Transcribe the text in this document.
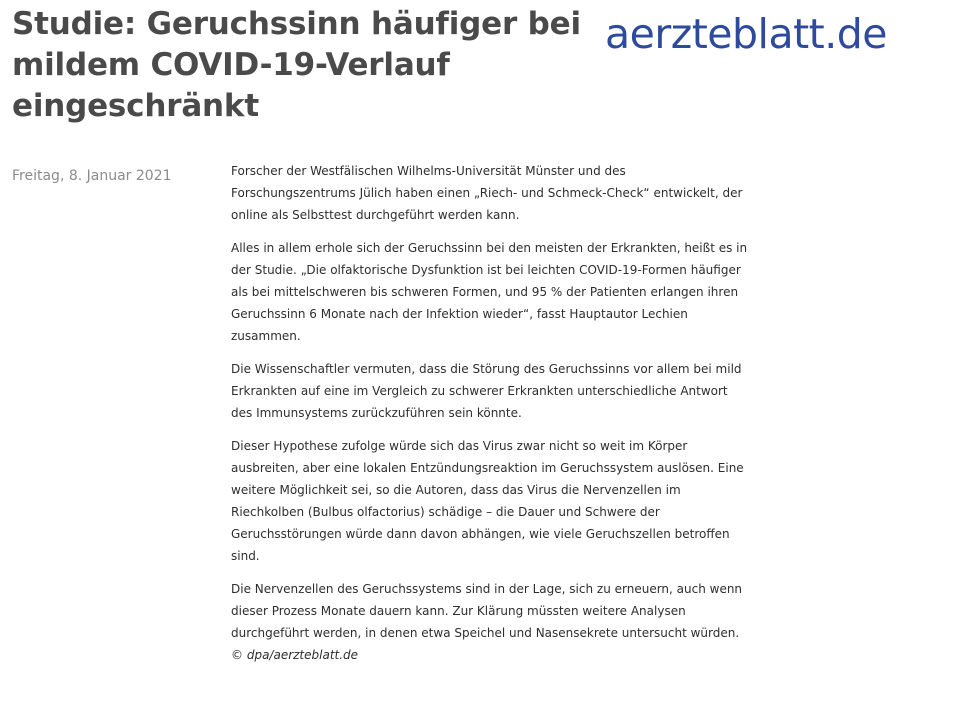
Studie: Geruchssinn häufiger bei mildem COVID-19-Verlauf eingeschränkt
aerzteblatt.de
Freitag, 8. Januar 2021	Forscher der Westfälischen Wilhelms-Universität Münster und des Forschungszentrums Jülich haben einen „Riech- und Schmeck-Check“ entwickelt, der online als Selbsttest durchgeführt werden kann.

Alles in allem erhole sich der Geruchssinn bei den meisten der Erkrankten, heißt es in der Studie. „Die olfaktorische Dysfunktion ist bei leichten COVID-19-Formen häufiger als bei mittelschweren bis schweren Formen, und 95 % der Patienten erlangen ihren Geruchssinn 6 Monate nach der Infektion wieder“, fasst Hauptautor Lechien zusammen.

Die Wissenschaftler vermuten, dass die Störung des Geruchssinns vor allem bei mild Erkrankten auf eine im Vergleich zu schwerer Erkrankten unterschiedliche Antwort des Immunsystems zurückzuführen sein könnte.

Dieser Hypothese zufolge würde sich das Virus zwar nicht so weit im Körper ausbreiten, aber eine lokalen Entzündungsreaktion im Geruchssystem auslösen. Eine weitere Möglichkeit sei, so die Autoren, dass das Virus die Nervenzellen im Riechkolben (Bulbus olfactorius) schädige – die Dauer und Schwere der Geruchsstörungen würde dann davon abhängen, wie viele Geruchszellen betroffen sind.

Die Nervenzellen des Geruchssystems sind in der Lage, sich zu erneuern, auch wenn dieser Prozess Monate dauern kann. Zur Klärung müssten weitere Analysen durchgeführt werden, in denen etwa Speichel und Nasensekrete untersucht würden. © dpa/aerzteblatt.de
